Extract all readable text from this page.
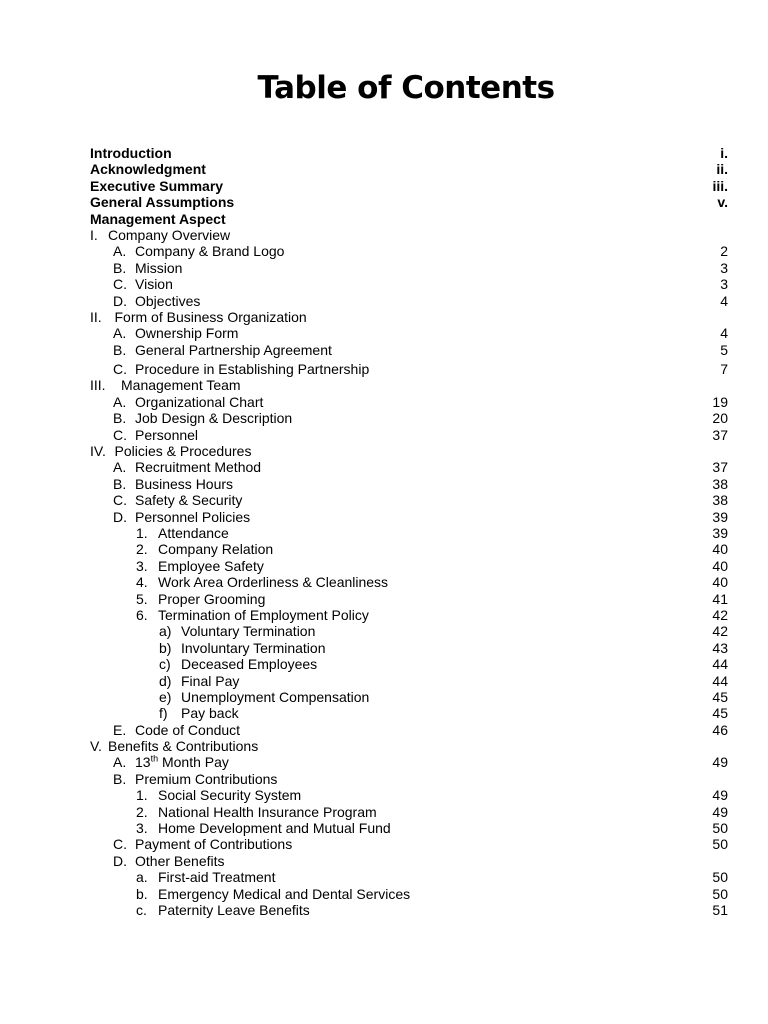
Table of Contents
Introduction	i.
Acknowledgment	ii.
Executive Summary	iii.
General Assumptions	v.
Management Aspect
I. Company Overview
A. Company & Brand Logo	2
B. Mission	3
C. Vision	3
D. Objectives	4
II. Form of Business Organization
A. Ownership Form	4
B. General Partnership Agreement	5
C. Procedure in Establishing Partnership	7
III. Management Team
A. Organizational Chart	19
B. Job Design & Description	20
C. Personnel	37
IV. Policies & Procedures
A. Recruitment Method	37
B. Business Hours	38
C. Safety & Security	38
D. Personnel Policies	39
1. Attendance	39
2. Company Relation	40
3. Employee Safety	40
4. Work Area Orderliness & Cleanliness	40
5. Proper Grooming	41
6. Termination of Employment Policy	42
a) Voluntary Termination	42
b) Involuntary Termination	43
c) Deceased Employees	44
d) Final Pay	44
e) Unemployment Compensation	45
f) Pay back	45
E. Code of Conduct	46
V. Benefits & Contributions
A. 13th Month Pay	49
B. Premium Contributions
1. Social Security System	49
2. National Health Insurance Program	49
3. Home Development and Mutual Fund	50
C. Payment of Contributions	50
D. Other Benefits
a. First-aid Treatment	50
b. Emergency Medical and Dental Services	50
c. Paternity Leave Benefits	51
